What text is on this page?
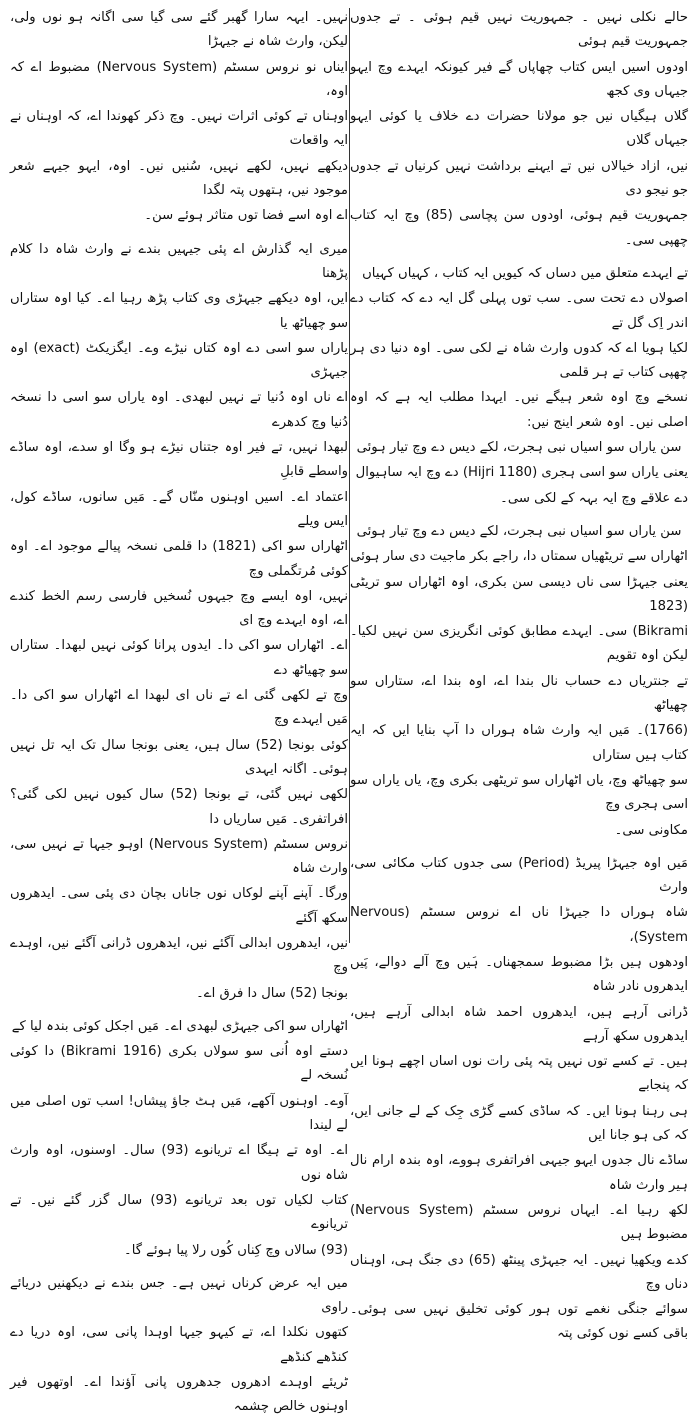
حالے نکلی نہیں ۔ جمہوریت نہیں قیم ہوئی ۔ تے جدوں جمہوریت قیم ہوئی

اودوں اسیں ایس کتاب چھاپاں گے فیر کیونکہ ایہدے وچ ایہو جیہاں وی کجھ

گلاں ہیگیاں نیں جو مولانا حضرات دے خلاف یا کوئی ایہو جیہاں گلاں

نیں، ازاد خیالاں نیں تے ایہنے برداشت نہیں کرنیاں تے جدوں جو نیجو دی

جمہوریت قیم ہوئی، اودوں سن پچاسی (85) وچ ایہ کتاب چھپی سی۔

تے ایہدے متعلق میں دساں کہ کیویں ایہ کتاب ، کہیاں کہیاں

اصولاں دے تحت سی۔ سب توں پہلی گل ایہ دے کہ کتاب دے اندر اِک گل تے

لکیا ہویا اے کہ کدوں وارث شاہ نے لکی سی۔ اوہ دنیا دی ہر چھپی کتاب تے ہر قلمی

نسخے وچ اوہ شعر ہیگے نیں۔ ایہدا مطلب ایہ ہے کہ اوہ اصلی نیں۔ اوہ شعر اینج نیں:

سن یاراں سو اسیاں نبی ہجرت، لکے دیس دے وچ تیار ہوئی

یعنی یاراں سو اسی ہجری (1180 Hijri) دے وچ ایہ ساہیوال

دے علاقے وچ ایہ بہہ کے لکی سی۔

سن یاراں سو اسیاں نبی ہجرت، لکے دیس دے وچ تیار ہوئی

اٹھاراں سے تریٹھیاں سمتاں دا، راجے بکر ماجیت دی سار ہوئی

یعنی جیہڑا سی ناں دیسی سن بکری، اوہ اٹھاراں سو تریٹی (1823

Bikrami) سی۔ ایہدے مطابق کوئی انگریزی سن نہیں لکیا۔ لیکن اوہ تقویم

تے جنتریاں دے حساب نال بندا اے، اوہ بندا اے، ستاراں سو چھیاٹھ

(1766)۔ مَیں ایہ وارث شاہ ہوراں دا آپ بنایا ایں کہ ایہ کتاب ہیں ستاراں

سو چھیاٹھ وچ، یاں اٹھاراں سو تریٹھی بکری وچ، یاں یاراں سو اسی ہجری وچ

مکاونی سی۔

مَیں اوہ جیہڑا پیریڈ (Period) سی جدوں کتاب مکائی سی، وارث

شاہ ہوراں دا جیہڑا ناں اے نروس سسٹم (Nervous System)،

اودھوں ہیں بڑا مضبوط سمجھناں۔ ہَیں وچ آلے دوالے، پَیں ایدھروں نادر شاہ

ڈرانی آرہے ہیں، ایدھروں احمد شاہ ابدالی آرہے ہیں، ایدھروں سکھ آرہے

ہیں۔ تے کسے توں نہیں پتہ پئی رات نوں اساں اچھے ہونا ایں کہ پنجابے

ہی رہنا ہونا ایں۔ کہ ساڈی کسے گڑی جِک کے لے جانی ایں، کہ کی ہو جانا ایں

ساڈے نال جدوں ایہو جیہی افراتفری ہووے، اوہ بندہ ارام نال ہیر وارث شاہ

لکھ رہیا اے۔ ایہاں نروس سسٹم (Nervous System) مضبوط ہیں

کدے ویکھیا نہیں۔ ایہ جیہڑی پینٹھ (65) دی جنگ ہی، اوہناں دناں وچ

سوائے جنگی نغمے توں ہور کوئی تخلیق نہیں سی ہوئی۔ باقی کسے نوں کوئی پتہ

نہیں۔ ایہہ سارا گھبر گئے سی گیا سی اگانہ ہو نوں ولی، لیکن، وارث شاہ نے جیہڑا

ایناں نو نروس سسٹم (Nervous System) مضبوط اے کہ اوہ،

اوہناں تے کوئی اثرات نہیں۔ وچ ذکر کھوندا اے، کہ اوہناں نے ایہ واقعات

دیکھے نہیں، لکھے نہیں، سُنیں نیں۔ اوہ، ایہو جیہے شعر موجود نیں، ہتھوں پتہ لگدا

اے اوہ اسے فضا توں متاثر ہوئے سن۔

میری ایہ گذارش اے پئی جیہیں بندے نے وارث شاہ دا کلام پڑھنا

ایں، اوہ دیکھے جیہڑی وی کتاب پڑھ رہیا اے۔ کیا اوہ ستاراں سو چھیاٹھ یا

یاراں سو اسی دے اوہ کتاں نیڑے وے۔ ایگزیکٹ (exact) اوہ جیہڑی

اے ناں اوہ دُنیا تے نہیں لبھدی۔ اوہ یاراں سو اسی دا نسخہ دُنیا وچ کدھرے

لبھدا نہیں، تے فیر اوہ جتناں نیڑے ہو وگا او سدے، اوہ ساڈے واسطے قابلِ

اعتماد اے۔ اسیں اوہنوں منّاں گے۔ مَیں سانوں، ساڈے کول، ایس ویلے

اٹھاراں سو اکی (1821) دا قلمی نسخہ پیالے موجود اے۔ اوہ کوئی مُرتگملی وچ

نہیں، اوہ ایسے وچ جیہوں نُسخیں فارسی رسم الخط کندے اے، اوہ ایہدے وچ ای

اے۔ اٹھاراں سو اکی دا۔ ایدوں پرانا کوئی نہیں لبھدا۔ ستاراں سو چھیاٹھ دے

وچ تے لکھی گئی اے تے ناں ای لبھدا اے اٹھاراں سو اکی دا۔ مَیں ایہدے وچ

کوئی بونجا (52) سال ہیں، یعنی بونجا سال تک ایہ تل نہیں ہوئی۔ اگانہ ایہدی

لکھی نہیں گئی، تے بونجا (52) سال کیوں نہیں لکی گئی؟ افراتفری۔ مَیں ساریاں دا

نروس سسٹم (Nervous System) اوہو جیہا تے نہیں سی، وارث شاہ

ورگا۔ آپنے آپنے لوکاں نوں جاناں بچان دی پئی سی۔ ایدھروں سکھ آگئے

نیں، ایدھروں ابدالی آگئے نیں، ایدھروں ڈرانی آگئے نیں، اوہدے وچ

بونجا (52) سال دا فرق اے۔

اٹھاراں سو اکی جیہڑی لبھدی اے۔ مَیں اجکل کوئی بندہ لیا کے

دستے اوہ اُنی سو سولاں بکری (1916 Bikrami) دا کوئی نُسخہ لے

آوے۔ اوہنوں آکھے، مَیں ہٹ جاؤ پیشاں! اسب توں اصلی میں لے لیندا

اے۔ اوہ تے ہیگا اے تریانوے (93) سال۔ اوسنوں، اوہ وارث شاہ نوں

کتاب لکیاں توں بعد تریانوے (93) سال گزر گئے نیں۔ تے تریانوے

(93) سالاں وچ کِناں کُوں رلا پیا ہوئے گا۔

میں ایہ عرض کرناں نہیں ہے۔ جس بندے نے دیکھنیں دریائے راوی

کتھوں نکلدا اے، تے کیہو جیہا اوہدا پانی سی، اوہ دریا دے کنڈھے کنڈھے

ٹریئے اوہدے ادھروں جدھروں پانی آؤندا اے۔ اوتھوں فیر اوہنوں خالص چشمہ
